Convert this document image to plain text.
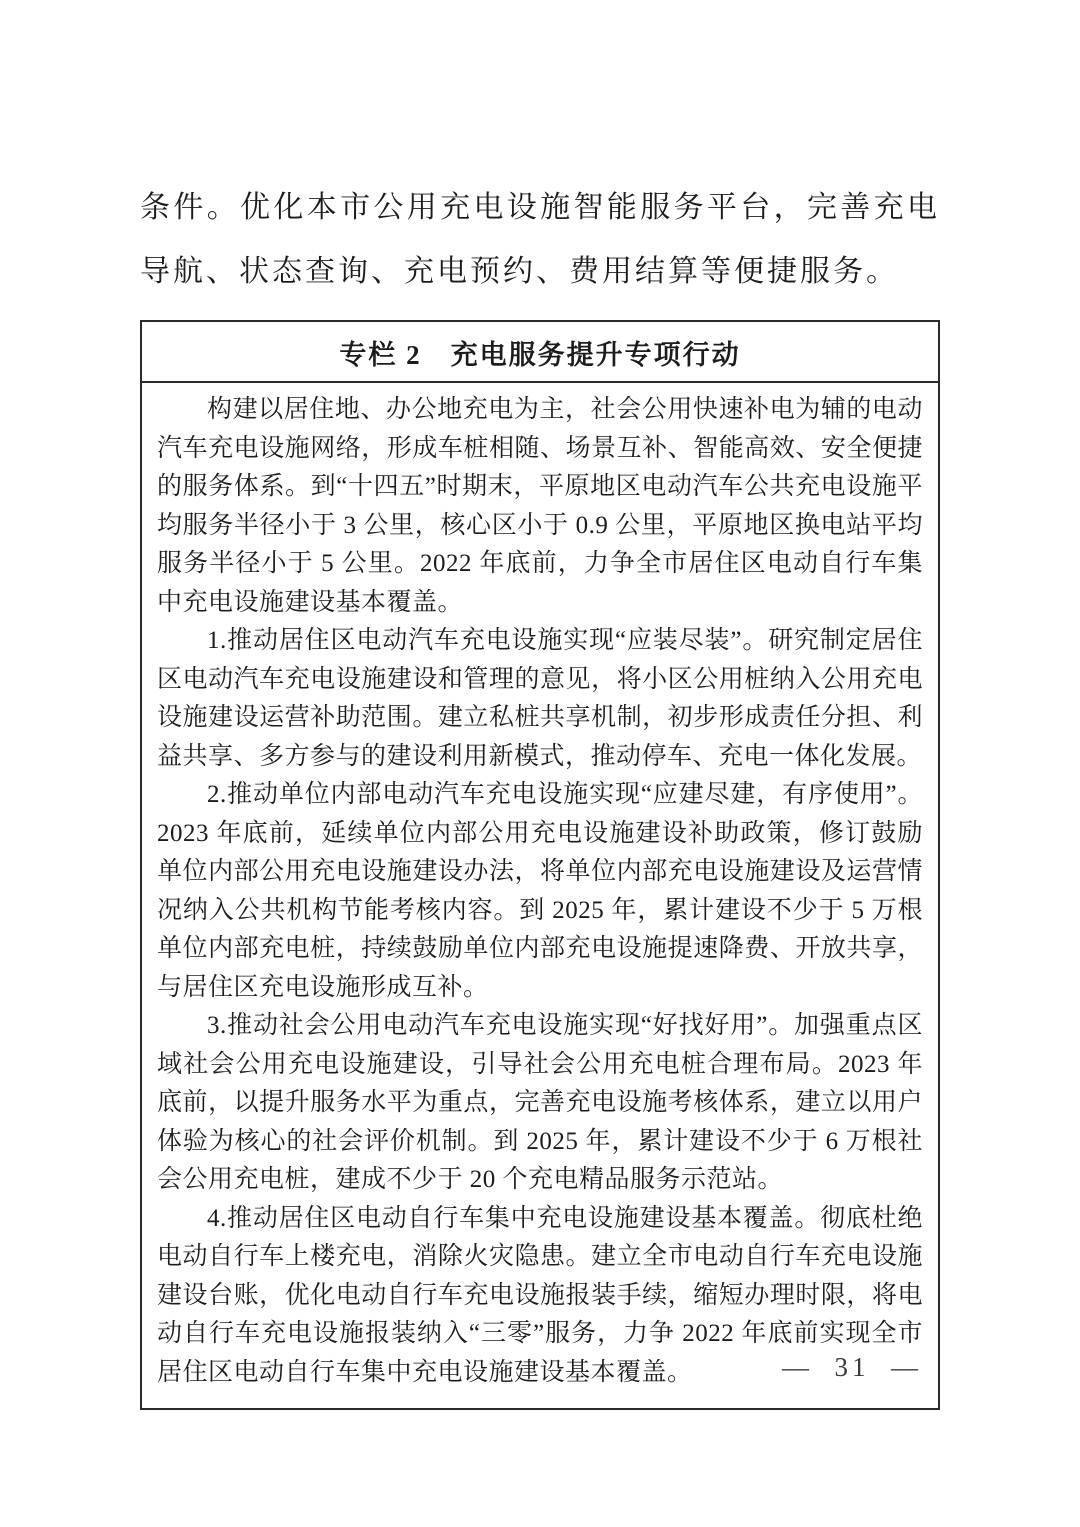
条件。优化本市公用充电设施智能服务平台，完善充电导航、状态查询、充电预约、费用结算等便捷服务。

专栏 2　充电服务提升专项行动

构建以居住地、办公地充电为主，社会公用快速补电为辅的电动汽车充电设施网络，形成车桩相随、场景互补、智能高效、安全便捷的服务体系。到“十四五”时期末，平原地区电动汽车公共充电设施平均服务半径小于 3 公里，核心区小于 0.9 公里，平原地区换电站平均服务半径小于 5 公里。2022 年底前，力争全市居住区电动自行车集中充电设施建设基本覆盖。

1.推动居住区电动汽车充电设施实现“应装尽装”。研究制定居住区电动汽车充电设施建设和管理的意见，将小区公用桩纳入公用充电设施建设运营补助范围。建立私桩共享机制，初步形成责任分担、利益共享、多方参与的建设利用新模式，推动停车、充电一体化发展。

2.推动单位内部电动汽车充电设施实现“应建尽建，有序使用”。2023 年底前，延续单位内部公用充电设施建设补助政策，修订鼓励单位内部公用充电设施建设办法，将单位内部充电设施建设及运营情况纳入公共机构节能考核内容。到 2025 年，累计建设不少于 5 万根单位内部充电桩，持续鼓励单位内部充电设施提速降费、开放共享，与居住区充电设施形成互补。

3.推动社会公用电动汽车充电设施实现“好找好用”。加强重点区域社会公用充电设施建设，引导社会公用充电桩合理布局。2023 年底前，以提升服务水平为重点，完善充电设施考核体系，建立以用户体验为核心的社会评价机制。到 2025 年，累计建设不少于 6 万根社会公用充电桩，建成不少于 20 个充电精品服务示范站。

4.推动居住区电动自行车集中充电设施建设基本覆盖。彻底杜绝电动自行车上楼充电，消除火灾隐患。建立全市电动自行车充电设施建设台账，优化电动自行车充电设施报装手续，缩短办理时限，将电动自行车充电设施报装纳入“三零”服务，力争 2022 年底前实现全市居住区电动自行车集中充电设施建设基本覆盖。	—  31  —
